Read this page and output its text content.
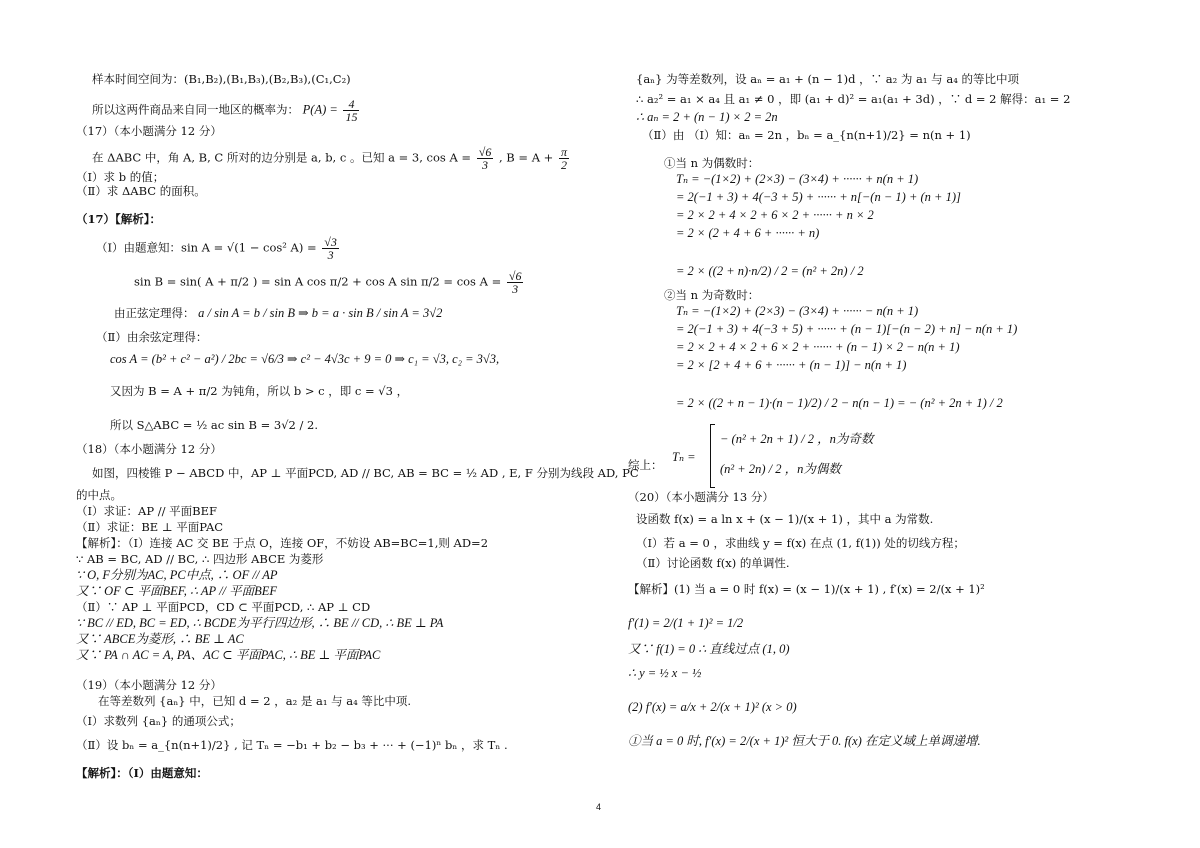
样本时间空间为：(B₁,B₂),(B₁,B₃),(B₂,B₃),(C₁,C₂)
所以这两件商品来自同一地区的概率为： $P(A) = \frac{4}{15}$
（17）（本小题满分 12 分）
在 ΔABC 中，角 A, B, C 所对的边分别是 a, b, c 。已知 a = 3, $\cos A = \frac{√6}{3}$ , $B = A + \frac{\pi}{2}$
（Ⅰ）求 b 的值；
（Ⅱ）求 ΔABC 的面积。
（17）【解析】：
（Ⅰ）由题意知：sin A = √(1 − cos² $A) = \frac{√3}{3}$
sin B = sin( A + π/2 ) = sin A cos π/2 + cos A $\sin \pi/2 = \cos A = \frac{√6}{3}$
由正弦定理得： a / sin A = b / sin B ⇒ b = a · sin B / sin A = 3√2
（Ⅱ）由余弦定理得：
cos A = (b² + c² − a²) / 2bc = √6/3 ⇒ c² − 4√3c + 9 = 0 ⇒ c₁ = √3, c₂ = 3√3,
又因为 B = A + π/2 为钝角，所以 b > c ，即 c = √3 ，
所以 S△ABC = ½ ac sin B = 3√2 / 2.
（18）（本小题满分 12 分）
如图，四棱锥 P − ABCD 中，AP ⊥ 平面PCD, AD // BC, AB = BC = ½ AD , E, F 分别为线段 AD, PC
的中点。
（Ⅰ）求证：AP // 平面BEF
（Ⅱ）求证：BE ⊥ 平面PAC
【解析】：（Ⅰ）连接 AC 交 BE 于点 O，连接 OF，不妨设 AB=BC=1,则 AD=2
∵ AB = BC, AD // BC, ∴ 四边形 ABCE 为菱形
∵ O, F分别为AC, PC中点, ∴ OF // AP
又∵ OF ⊂ 平面BEF, ∴ AP // 平面BEF
（Ⅱ）∵ AP ⊥ 平面PCD，CD ⊂ 平面PCD, ∴ AP ⊥ CD
∵ BC // ED, BC = ED, ∴ BCDE为平行四边形, ∴ BE // CD, ∴ BE ⊥ PA
又∵ ABCE为菱形, ∴ BE ⊥ AC
又∵ PA ∩ AC = A, PA、AC ⊂ 平面PAC, ∴ BE ⊥ 平面PAC
（19）（本小题满分 12 分）
在等差数列 {aₙ} 中，已知 d = 2 ，a₂ 是 a₁ 与 a₄ 等比中项.
（Ⅰ）求数列 {aₙ} 的通项公式；
（Ⅱ）设 bₙ = a_{n(n+1)/2} , 记 Tₙ = −b₁ + b₂ − b₃ + ··· + (−1)ⁿ bₙ ，求 Tₙ .
【解析】：（Ⅰ）由题意知：
{aₙ} 为等差数列，设 aₙ = a₁ + (n − 1)d ，∵ a₂ 为 a₁ 与 a₄ 的等比中项
∴ a₂² = a₁ × a₄ 且 a₁ ≠ 0 ，即 (a₁ + d)² = a₁(a₁ + 3d) ，∵ d = 2 解得：a₁ = 2
∴ aₙ = 2 + (n − 1) × 2 = 2n
（Ⅱ）由 （Ⅰ）知：aₙ = 2n ，bₙ = a_{n(n+1)/2} = n(n + 1)
①当 n 为偶数时：
Tₙ = −(1×2) + (2×3) − (3×4) + ······ + n(n + 1)
= 2(−1 + 3) + 4(−3 + 5) + ······ + n[−(n − 1) + (n + 1)]
= 2 × 2 + 4 × 2 + 6 × 2 + ······ + n × 2
= 2 × (2 + 4 + 6 + ······ + n)
= 2 × ((2 + n)·n/2) / 2 = (n² + 2n) / 2
②当 n 为奇数时：
Tₙ = −(1×2) + (2×3) − (3×4) + ······ − n(n + 1)
= 2(−1 + 3) + 4(−3 + 5) + ······ + (n − 1)[−(n − 2) + n] − n(n + 1)
= 2 × 2 + 4 × 2 + 6 × 2 + ······ + (n − 1) × 2 − n(n + 1)
= 2 × [2 + 4 + 6 + ······ + (n − 1)] − n(n + 1)
= 2 × ((2 + n − 1)·(n − 1)/2) / 2 − n(n − 1) = − (n² + 2n + 1) / 2
综上：
Tₙ =
− (n² + 2n + 1) / 2 ，n为奇数
(n² + 2n) / 2 ，n为偶数
（20）（本小题满分 13 分）
设函数 f(x) = a ln x + (x − 1)/(x + 1) ，其中 a 为常数.
（Ⅰ）若 a = 0 ，求曲线 y = f(x) 在点 (1, f(1)) 处的切线方程；
（Ⅱ）讨论函数 f(x) 的单调性.
【解析】(1) 当 a = 0 时 f(x) = (x − 1)/(x + 1) , f′(x) = 2/(x + 1)²
f′(1) = 2/(1 + 1)² = 1/2
又∵ f(1) = 0 ∴ 直线过点 (1, 0)
∴ y = ½ x − ½
(2) f′(x) = a/x + 2/(x + 1)² (x > 0)
①当 a = 0 时, f′(x) = 2/(x + 1)² 恒大于 0. f(x) 在定义域上单调递增.
4
